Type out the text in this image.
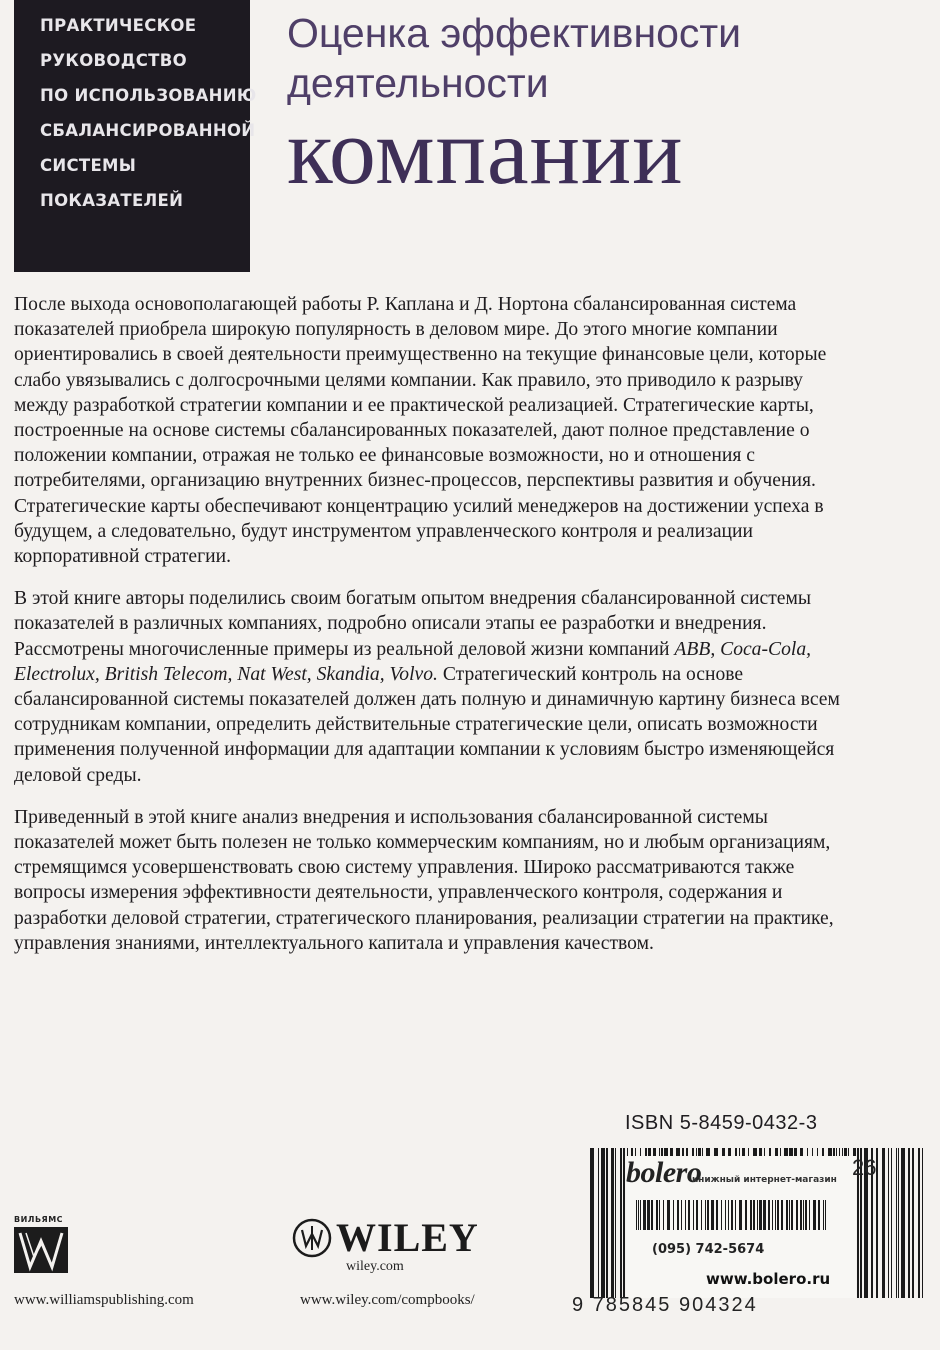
ПРАКТИЧЕСКОЕ
РУКОВОДСТВО
ПО ИСПОЛЬЗОВАНИЮ
СБАЛАНСИРОВАННОЙ
СИСТЕМЫ
ПОКАЗАТЕЛЕЙ
Оценка эффективности
деятельности
компании

После выхода основополагающей работы Р. Каплана и Д. Нортона сбалансированная система показателей приобрела широкую популярность в деловом мире. До этого многие компании ориентировались в своей деятельности преимущественно на текущие финансовые цели, которые слабо увязывались с долгосрочными целями компании. Как правило, это приводило к разрыву между разработкой стратегии компании и ее практической реализацией. Стратегические карты, построенные на основе системы сбалансированных показателей, дают полное представление о положении компании, отражая не только ее финансовые возможности, но и отношения с потребителями, организацию внутренних бизнес-процессов, перспективы развития и обучения. Стратегические карты обеспечивают концентрацию усилий менеджеров на достижении успеха в будущем, а следовательно, будут инструментом управленческого контроля и реализации корпоративной стратегии.

В этой книге авторы поделились своим богатым опытом внедрения сбалансированной системы показателей в различных компаниях, подробно описали этапы ее разработки и внедрения. Рассмотрены многочисленные примеры из реальной деловой жизни компаний ABB, Coca-Cola, Electrolux, British Telecom, Nat West, Skandia, Volvo. Стратегический контроль на основе сбалансированной системы показателей должен дать полную и динамичную картину бизнеса всем сотрудникам компании, определить действительные стратегические цели, описать возможности применения полученной информации для адаптации компании к условиям быстро изменяющейся деловой среды.

Приведенный в этой книге анализ внедрения и использования сбалансированной системы показателей может быть полезен не только коммерческим компаниям, но и любым организациям, стремящимся усовершенствовать свою систему управления. Широко рассматриваются также вопросы измерения эффективности деятельности, управленческого контроля, содержания и разработки деловой стратегии, стратегического планирования, реализации стратегии на практике, управления знаниями, интеллектуального капитала и управления качеством.

ISBN 5-8459-0432-3
bolero
книжный интернет-магазин 26
(095) 742-5674
www.bolero.ru
9 785845 904324
ВИЛЬЯМС	WILEY
wiley.com
www.williamspublishing.com	www.wiley.com/compbooks/
